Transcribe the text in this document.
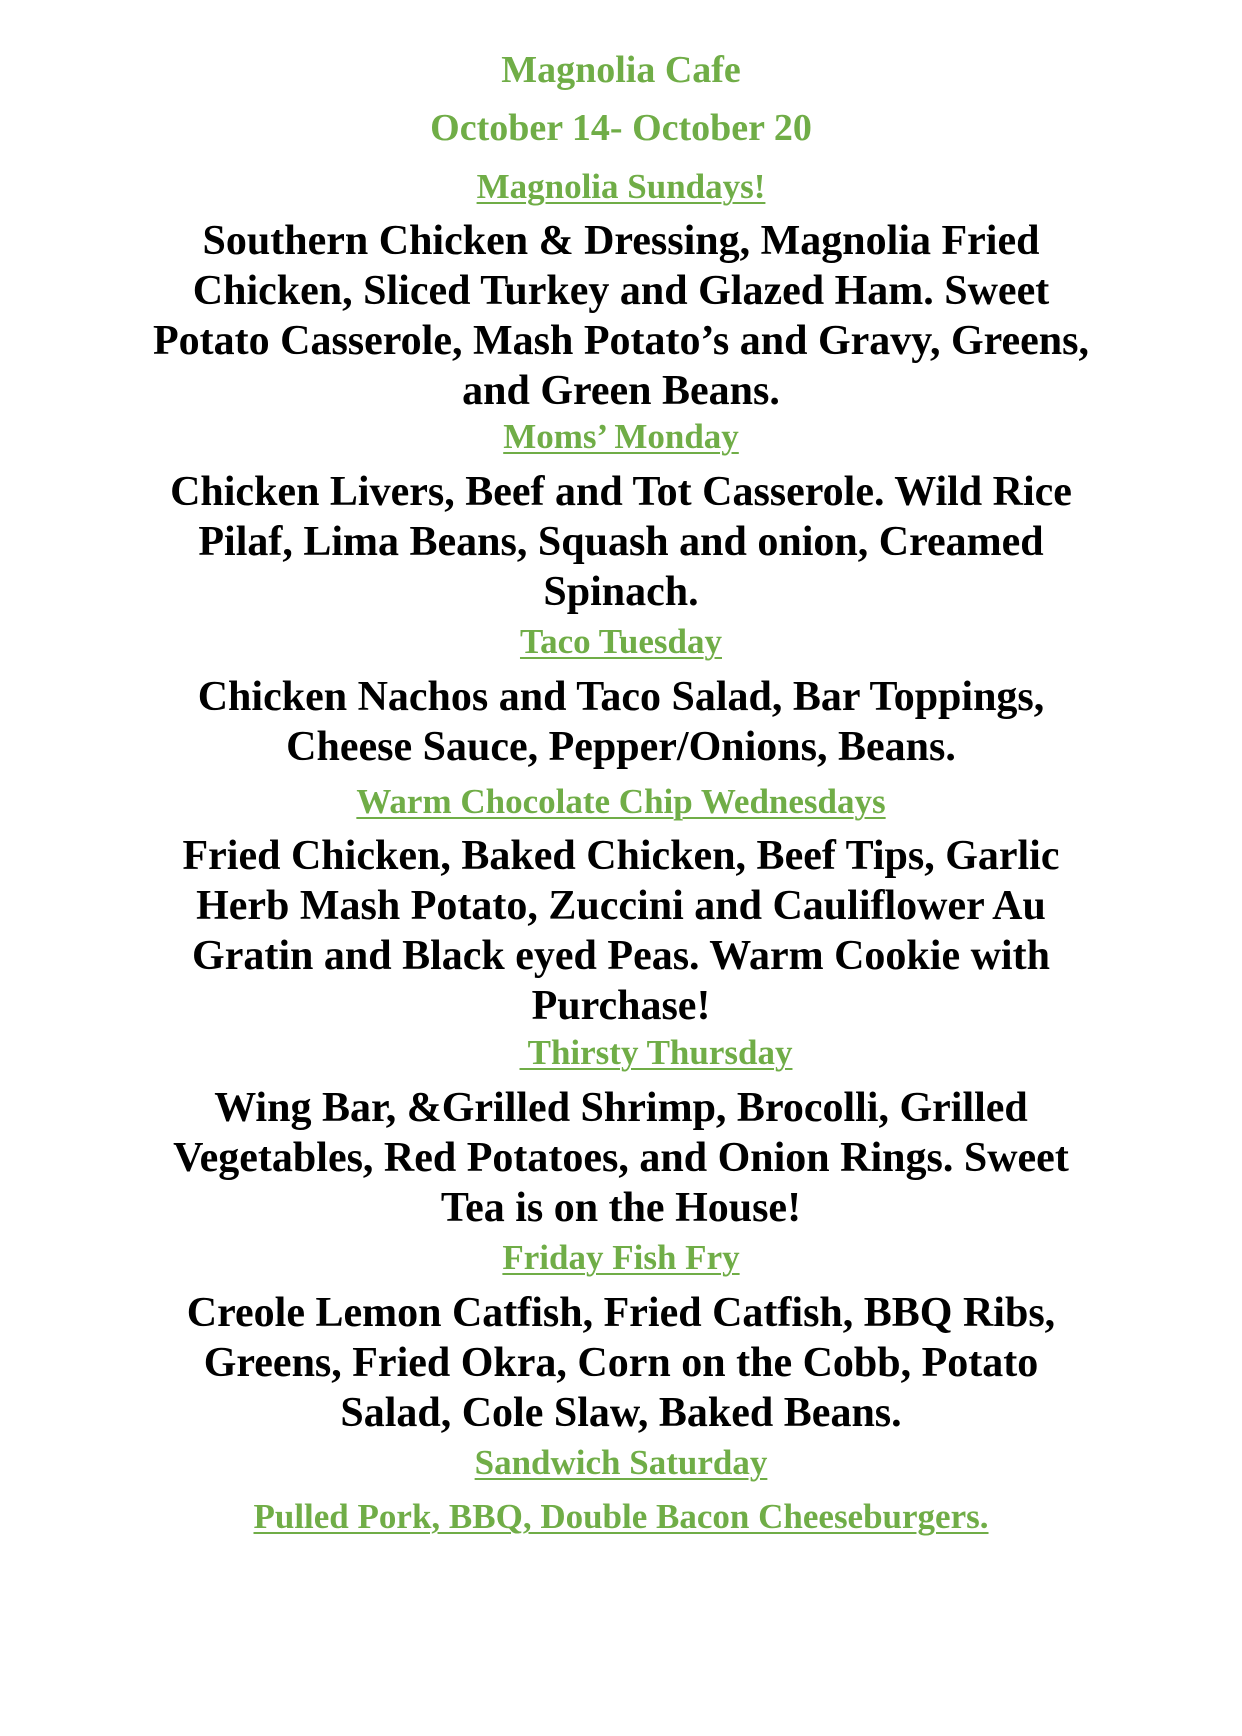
Magnolia Cafe

October 14- October 20

Magnolia Sundays!

Southern Chicken & Dressing, Magnolia Fried
Chicken, Sliced Turkey and Glazed Ham. Sweet
Potato Casserole, Mash Potato’s and Gravy, Greens,
and Green Beans.

Moms’ Monday

Chicken Livers, Beef and Tot Casserole. Wild Rice
Pilaf, Lima Beans, Squash and onion, Creamed
Spinach.

Taco Tuesday

Chicken Nachos and Taco Salad, Bar Toppings,
Cheese Sauce, Pepper/Onions, Beans.

Warm Chocolate Chip Wednesdays

Fried Chicken, Baked Chicken, Beef Tips, Garlic
Herb Mash Potato, Zuccini and Cauliflower Au
Gratin and Black eyed Peas. Warm Cookie with
Purchase!

Thirsty Thursday

Wing Bar, &Grilled Shrimp, Brocolli, Grilled
Vegetables, Red Potatoes, and Onion Rings. Sweet
Tea is on the House!

Friday Fish Fry

Creole Lemon Catfish, Fried Catfish, BBQ Ribs,
Greens, Fried Okra, Corn on the Cobb, Potato
Salad, Cole Slaw, Baked Beans.

Sandwich Saturday

Pulled Pork, BBQ, Double Bacon Cheeseburgers.
